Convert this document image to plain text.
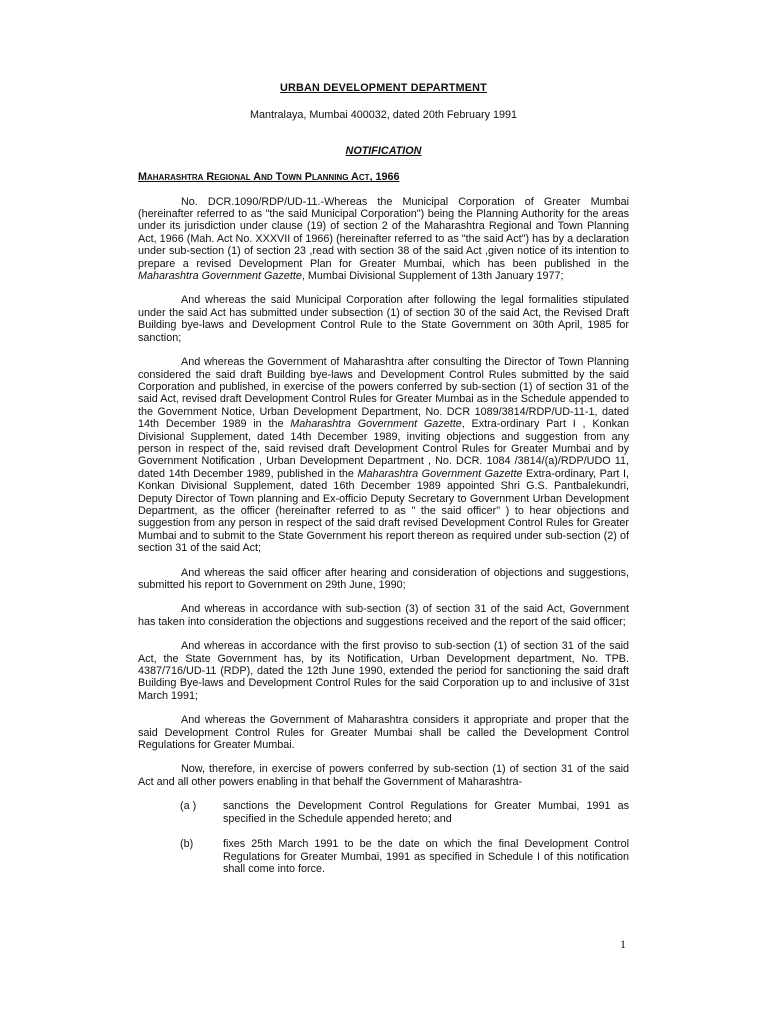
URBAN DEVELOPMENT DEPARTMENT
Mantralaya, Mumbai 400032, dated 20th February 1991
NOTIFICATION
Maharashtra Regional And Town Planning Act, 1966

No. DCR.1090/RDP/UD-11.-Whereas the Municipal Corporation of Greater Mumbai (hereinafter referred to as "the said Municipal Corporation") being the Planning Authority for the areas under its jurisdiction under clause (19) of section 2 of the Maharashtra Regional and Town Planning Act, 1966 (Mah. Act No. XXXVII of 1966) (hereinafter referred to as "the said Act") has by a declaration under sub-section (1) of section 23 ,read with section 38 of the said Act ,given notice of its intention to prepare a revised Development Plan for Greater Mumbai, which has been published in the Maharashtra Government Gazette, Mumbai Divisional Supplement of 13th January 1977;

And whereas the said Municipal Corporation after following the legal formalities stipulated under the said Act has submitted under subsection (1) of section 30 of the said Act, the Revised Draft Building bye-laws and Development Control Rule to the State Government on 30th April, 1985 for sanction;

And whereas the Government of Maharashtra after consulting the Director of Town Planning considered the said draft Building bye-laws and Development Control Rules submitted by the said Corporation and published, in exercise of the powers conferred by sub-section (1) of section 31 of the said Act, revised draft Development Control Rules for Greater Mumbai as in the Schedule appended to the Government Notice, Urban Development Department, No. DCR 1089/3814/RDP/UD-11-1, dated 14th December 1989 in the Maharashtra Government Gazette, Extra-ordinary Part I , Konkan Divisional Supplement, dated 14th December 1989, inviting objections and suggestion from any person in respect of the, said revised draft Development Control Rules for Greater Mumbai and by Government Notification , Urban Development Department , No. DCR. 1084 /3814/(a)/RDP/UDO 11, dated 14th December 1989, published in the Maharashtra Government Gazette Extra-ordinary, Part I, Konkan Divisional Supplement, dated 16th December 1989 appointed Shri G.S. Pantbalekundri, Deputy Director of Town planning and Ex-officio Deputy Secretary to Government Urban Development Department, as the officer (hereinafter referred to as " the said officer" ) to hear objections and suggestion from any person in respect of the said draft revised Development Control Rules for Greater Mumbai and to submit to the State Government his report thereon as required under sub-section (2) of section 31 of the said Act;

And whereas the said officer after hearing and consideration of objections and suggestions, submitted his report to Government on 29th June, 1990;

And whereas in accordance with sub-section (3) of section 31 of the said Act, Government has taken into consideration the objections and suggestions received and the report of the said officer;

And whereas in accordance with the first proviso to sub-section (1) of section 31 of the said Act, the State Government has, by its Notification, Urban Development department, No. TPB. 4387/716/UD-11 (RDP), dated the 12th June 1990, extended the period for sanctioning the said draft Building Bye-laws and Development Control Rules for the said Corporation up to and inclusive of 31st March 1991;

And whereas the Government of Maharashtra considers it appropriate and proper that the said Development Control Rules for Greater Mumbai shall be called the Development Control Regulations for Greater Mumbai.

Now, therefore, in exercise of powers conferred by sub-section (1) of section 31 of the said Act and all other powers enabling in that behalf the Government of Maharashtra-

(a )	sanctions the Development Control Regulations for Greater Mumbai, 1991 as specified in the Schedule appended hereto; and
(b)	fixes 25th March 1991 to be the date on which the final Development Control Regulations for Greater Mumbai, 1991 as specified in Schedule I of this notification shall come into force.
1
